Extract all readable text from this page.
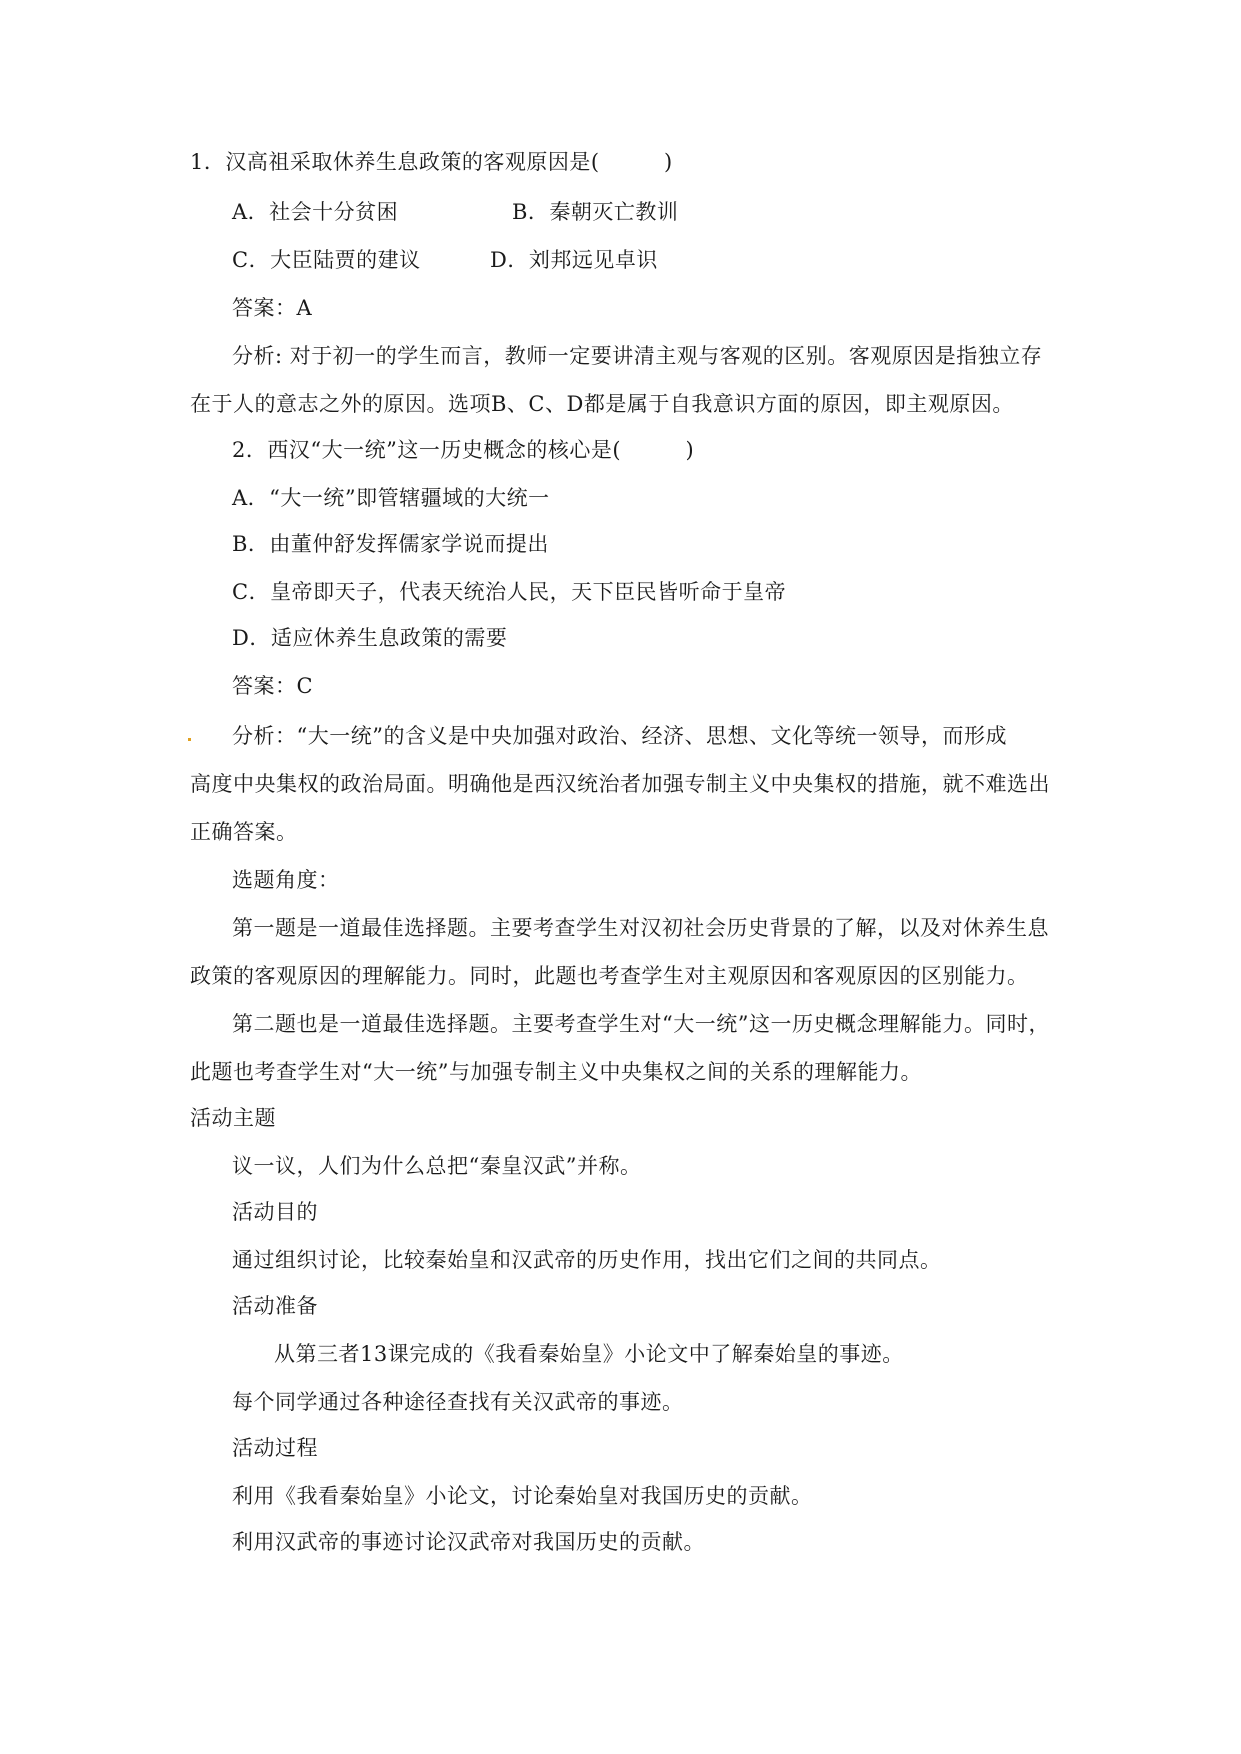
1．汉高祖采取休养生息政策的客观原因是(　　　)
A．社会十分贫困	B．秦朝灭亡教训
C．大臣陆贾的建议	D．刘邦远见卓识
答案：A
分析: 对于初一的学生而言，教师一定要讲清主观与客观的区别。客观原因是指独立存
在于人的意志之外的原因。选项B、C、D都是属于自我意识方面的原因，即主观原因。
2．西汉“大一统”这一历史概念的核心是(　　　)
A．“大一统”即管辖疆域的大统一
B．由董仲舒发挥儒家学说而提出
C．皇帝即天子，代表天统治人民，天下臣民皆听命于皇帝
D．适应休养生息政策的需要
答案：C
分析：“大一统”的含义是中央加强对政治、经济、思想、文化等统一领导，而形成
高度中央集权的政治局面。明确他是西汉统治者加强专制主义中央集权的措施，就不难选出
正确答案。
选题角度：
第一题是一道最佳选择题。主要考查学生对汉初社会历史背景的了解，以及对休养生息
政策的客观原因的理解能力。同时，此题也考查学生对主观原因和客观原因的区别能力。
第二题也是一道最佳选择题。主要考查学生对“大一统”这一历史概念理解能力。同时，
此题也考查学生对“大一统”与加强专制主义中央集权之间的关系的理解能力。
活动主题
议一议，人们为什么总把“秦皇汉武”并称。
活动目的
通过组织讨论，比较秦始皇和汉武帝的历史作用，找出它们之间的共同点。
活动准备
从第三者13课完成的《我看秦始皇》小论文中了解秦始皇的事迹。
每个同学通过各种途径查找有关汉武帝的事迹。
活动过程
利用《我看秦始皇》小论文，讨论秦始皇对我国历史的贡献。
利用汉武帝的事迹讨论汉武帝对我国历史的贡献。
